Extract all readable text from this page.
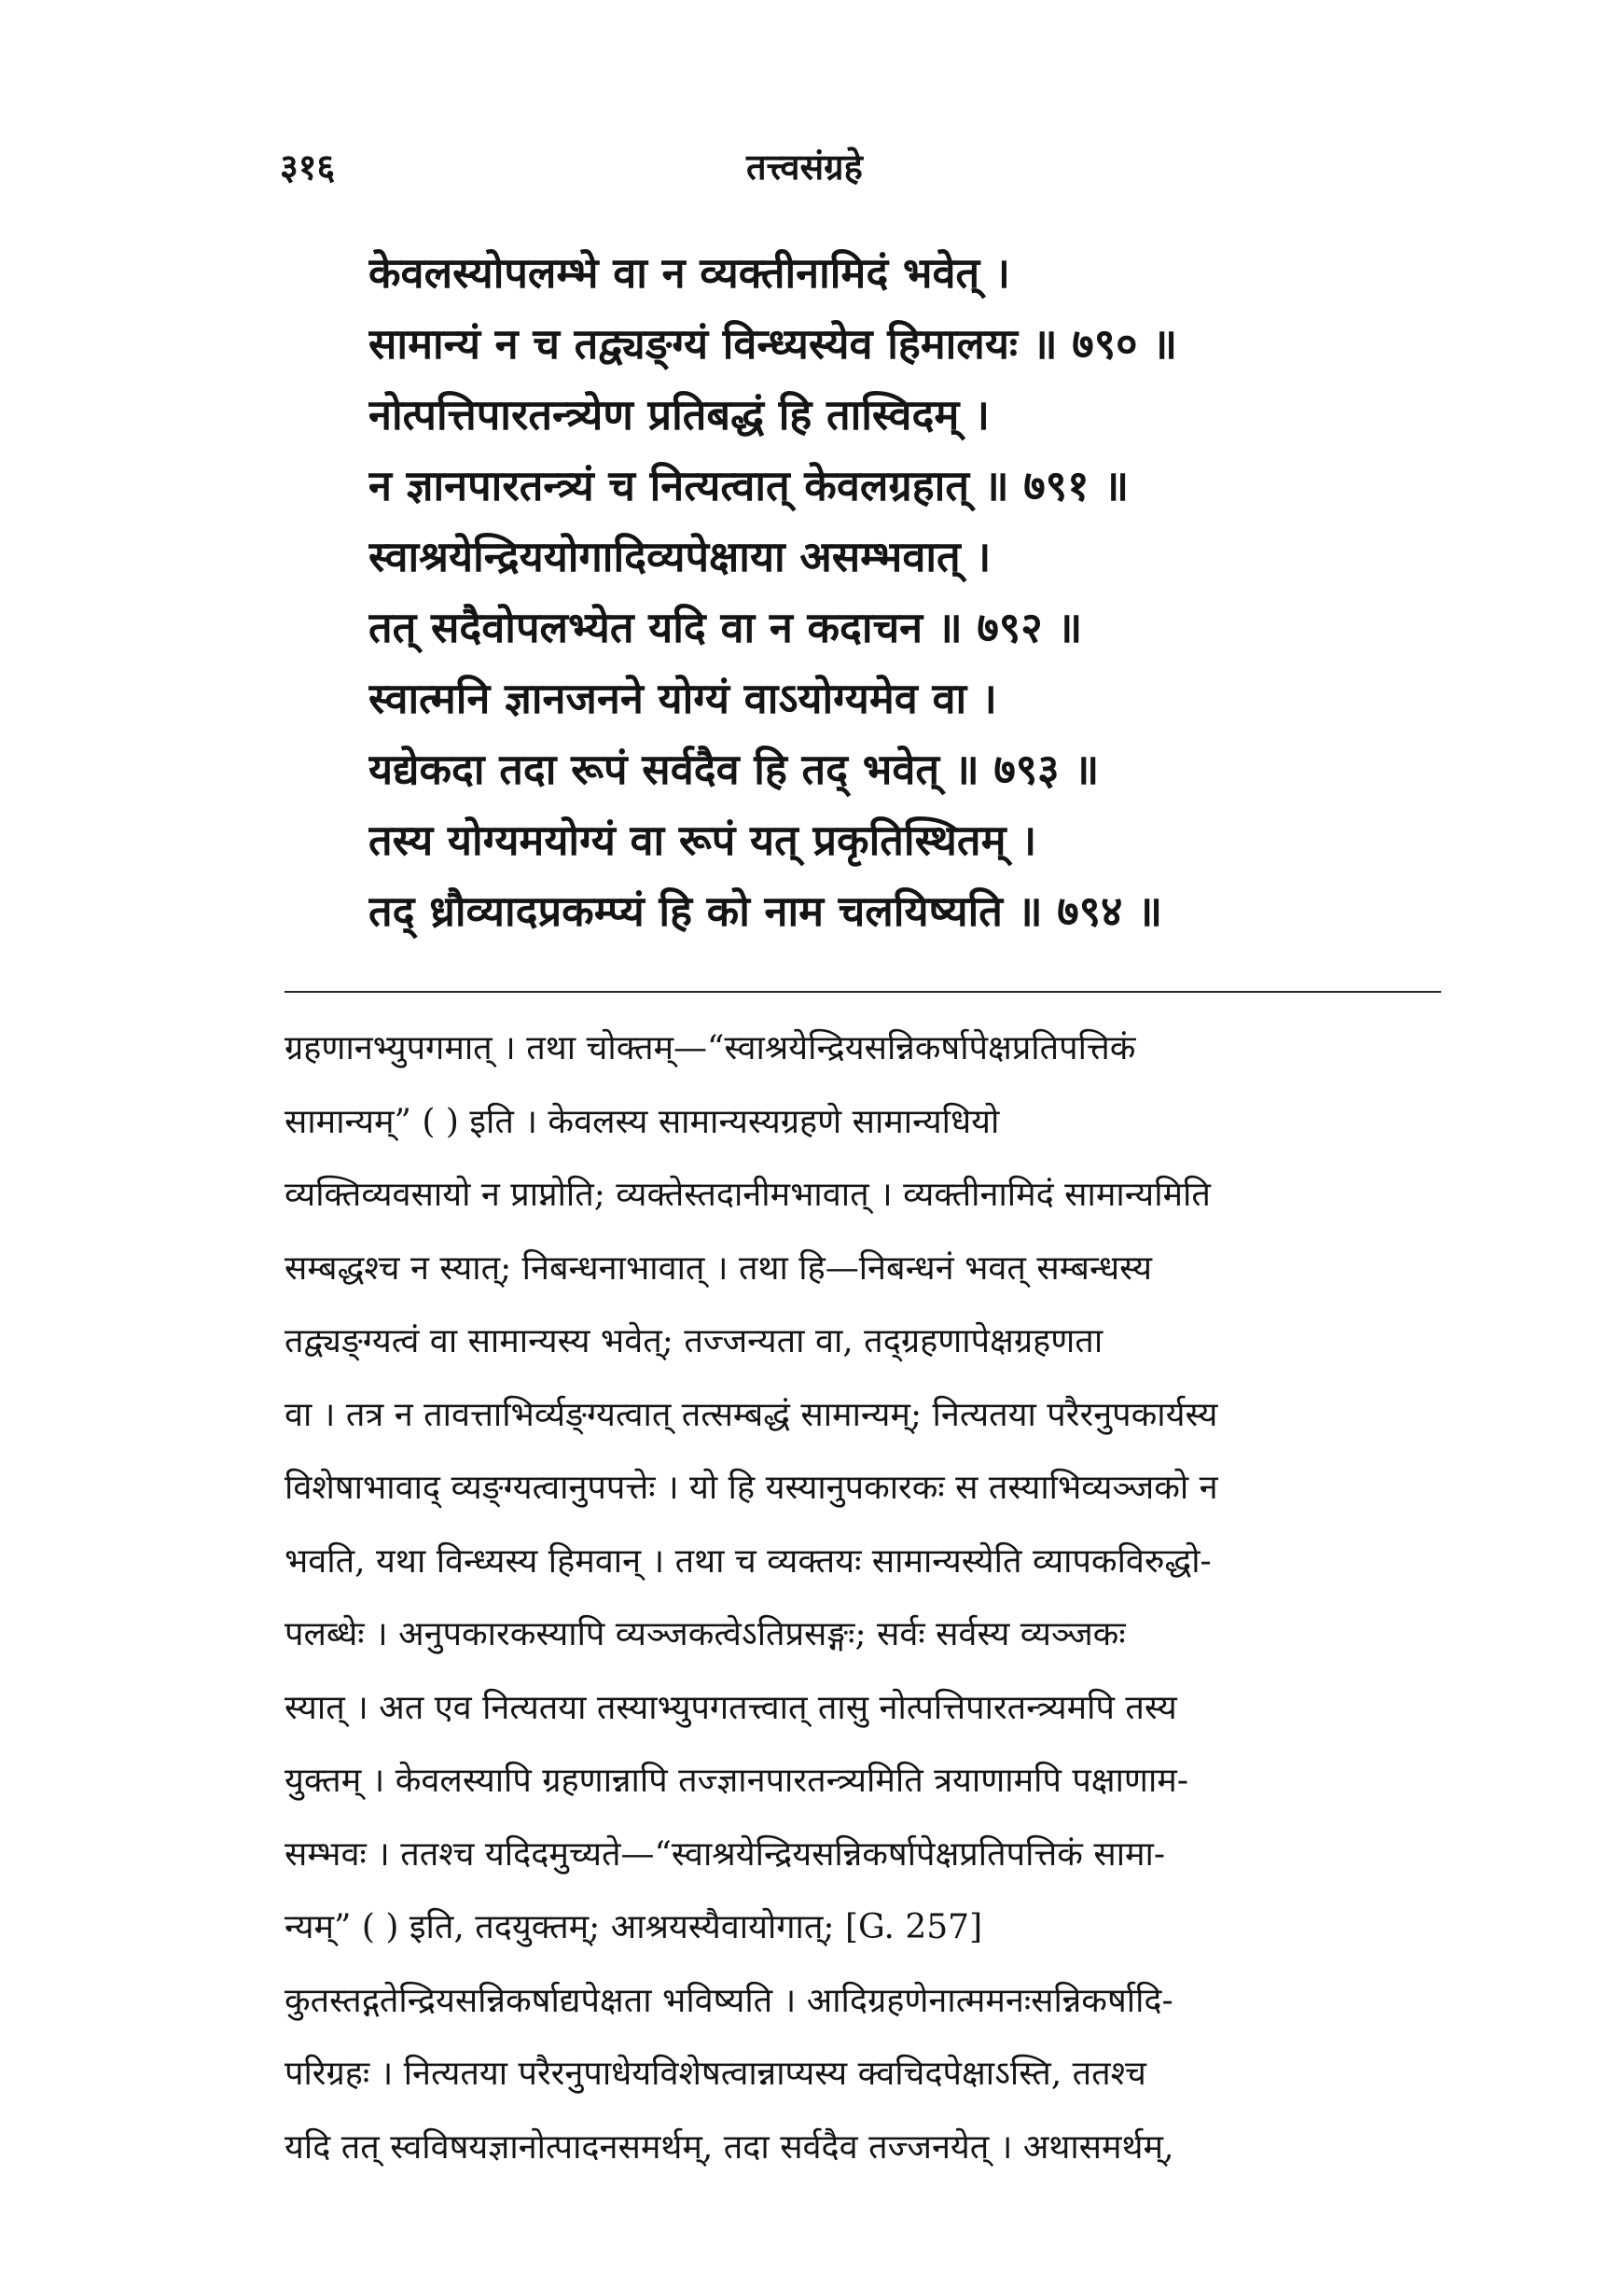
३१६	तत्त्वसंग्रहे
केवलस्योपलम्भे वा न व्यक्तीनामिदं भवेत् ।
सामान्यं न च तद्व्यङ्ग्यं विन्ध्यस्येव हिमालयः ॥ ७९० ॥
नोत्पत्तिपारतन्त्र्येण प्रतिबद्धं हि तास्विदम् ।
न ज्ञानपारतन्त्र्यं च नित्यत्वात् केवलग्रहात् ॥ ७९१ ॥
स्वाश्रयेन्द्रिययोगादिव्यपेक्षाया असम्भवात् ।
तत् सदैवोपलभ्येत यदि वा न कदाचन ॥ ७९२ ॥
स्वात्मनि ज्ञानजनने योग्यं वाऽयोग्यमेव वा ।
यद्येकदा तदा रूपं सर्वदैव हि तद् भवेत् ॥ ७९३ ॥
तस्य योग्यमयोग्यं वा रूपं यत् प्रकृतिस्थितम् ।
तद् ध्रौव्यादप्रकम्प्यं हि को नाम चलयिष्यति ॥ ७९४ ॥
ग्रहणानभ्युपगमात् । तथा चोक्तम्—“स्वाश्रयेन्द्रियसन्निकर्षापेक्षप्रतिपत्तिकं
सामान्यम्” ( ) इति । केवलस्य सामान्यस्यग्रहणे सामान्यधियो
व्यक्तिव्यवसायो न प्राप्नोति; व्यक्तेस्तदानीमभावात् । व्यक्तीनामिदं सामान्यमिति
सम्बद्धश्च न स्यात्; निबन्धनाभावात् । तथा हि—निबन्धनं भवत् सम्बन्धस्य
तद्व्यङ्ग्यत्वं वा सामान्यस्य भवेत्; तज्जन्यता वा, तद्ग्रहणापेक्षग्रहणता
वा । तत्र न तावत्ताभिर्व्यङ्ग्यत्वात् तत्सम्बद्धं सामान्यम्; नित्यतया परैरनुपकार्यस्य
विशेषाभावाद् व्यङ्ग्यत्वानुपपत्तेः । यो हि यस्यानुपकारकः स तस्याभिव्यञ्जको न
भवति, यथा विन्ध्यस्य हिमवान् । तथा च व्यक्तयः सामान्यस्येति व्यापकविरुद्धो-
पलब्धेः । अनुपकारकस्यापि व्यञ्जकत्वेऽतिप्रसङ्गः; सर्वः सर्वस्य व्यञ्जकः
स्यात् । अत एव नित्यतया तस्याभ्युपगतत्त्वात् तासु नोत्पत्तिपारतन्त्र्यमपि तस्य
युक्तम् । केवलस्यापि ग्रहणान्नापि तज्ज्ञानपारतन्त्र्यमिति त्रयाणामपि पक्षाणाम-
सम्भवः । ततश्च यदिदमुच्यते—“स्वाश्रयेन्द्रियसन्निकर्षापेक्षप्रतिपत्तिकं सामा-
न्यम्” ( ) इति, तदयुक्तम्; आश्रयस्यैवायोगात्; [G. 257]
कुतस्तद्गतेन्द्रियसन्निकर्षाद्यपेक्षता भविष्यति । आदिग्रहणेनात्ममनःसन्निकर्षादि-
परिग्रहः । नित्यतया परैरनुपाधेयविशेषत्वान्नाप्यस्य क्वचिदपेक्षाऽस्ति, ततश्च
यदि तत् स्वविषयज्ञानोत्पादनसमर्थम्, तदा सर्वदैव तज्जनयेत् । अथासमर्थम्,
